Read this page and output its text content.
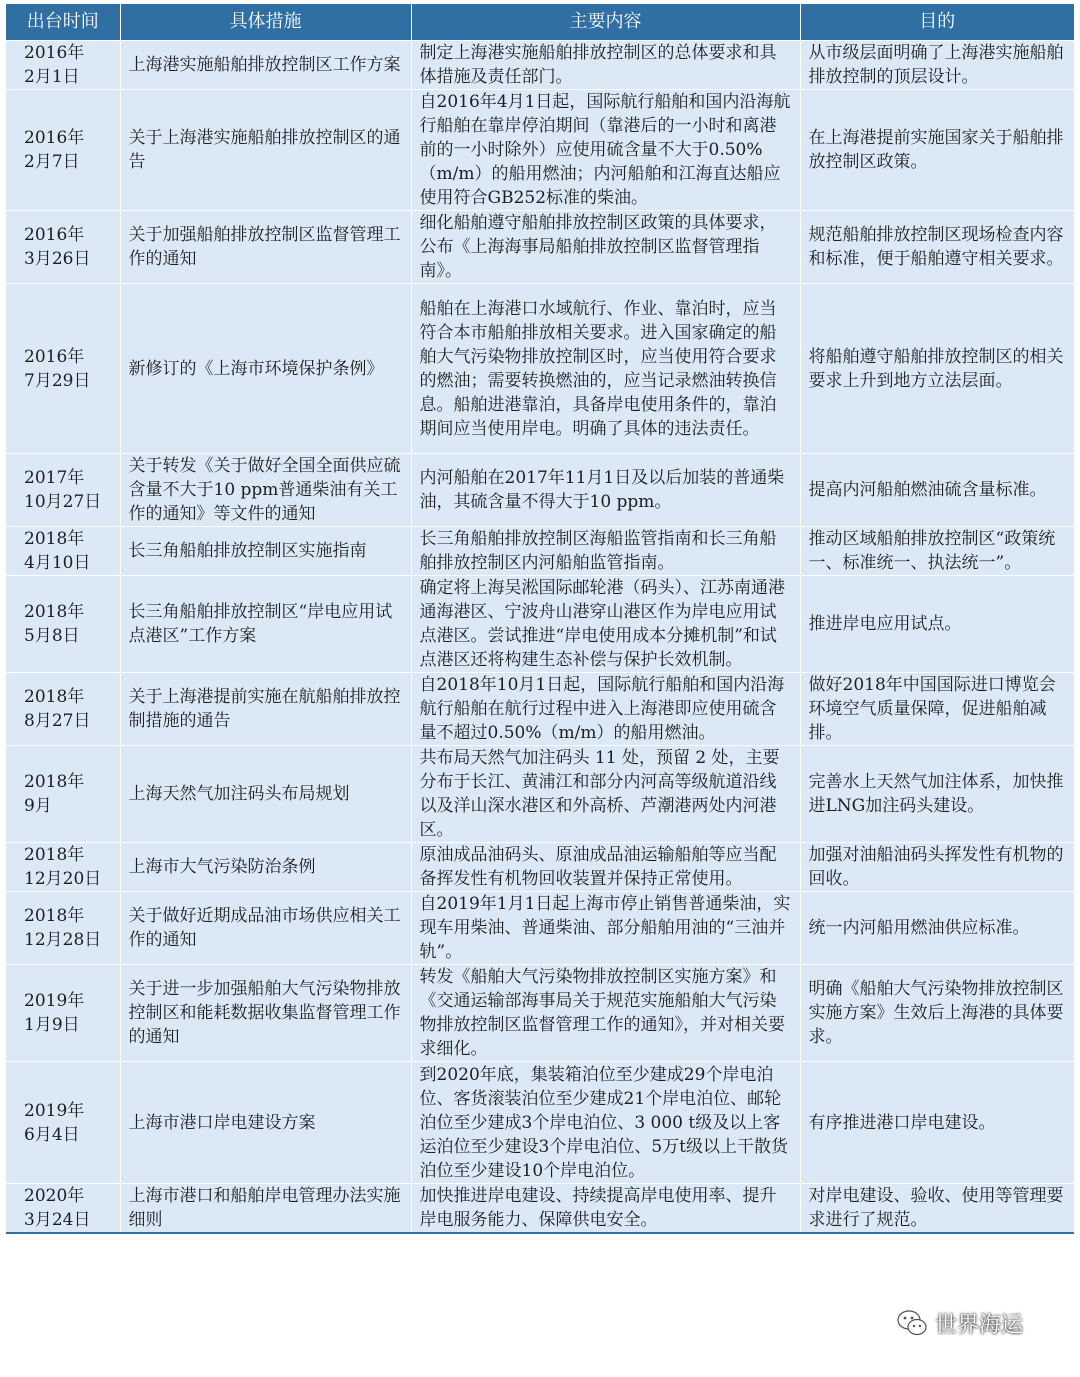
出台时间	具体措施	主要内容	目的
2016年
2月1日	上海港实施船舶排放控制区工作方案	制定上海港实施船舶排放控制区的总体要求和具体措施及责任部门。	从市级层面明确了上海港实施船舶排放控制的顶层设计。
2016年
2月7日	关于上海港实施船舶排放控制区的通告	自2016年4月1日起，国际航行船舶和国内沿海航行船舶在靠岸停泊期间（靠港后的一小时和离港前的一小时除外）应使用硫含量不大于0.50%（m/m）的船用燃油；内河船舶和江海直达船应使用符合GB252标准的柴油。	在上海港提前实施国家关于船舶排放控制区政策。
2016年
3月26日	关于加强船舶排放控制区监督管理工作的通知	细化船舶遵守船舶排放控制区政策的具体要求，公布《上海海事局船舶排放控制区监督管理指南》。	规范船舶排放控制区现场检查内容和标准，便于船舶遵守相关要求。
2016年
7月29日	新修订的《上海市环境保护条例》	船舶在上海港口水域航行、作业、靠泊时，应当符合本市船舶排放相关要求。进入国家确定的船舶大气污染物排放控制区时，应当使用符合要求的燃油；需要转换燃油的，应当记录燃油转换信息。船舶进港靠泊，具备岸电使用条件的，靠泊期间应当使用岸电。明确了具体的违法责任。	将船舶遵守船舶排放控制区的相关要求上升到地方立法层面。
2017年
10月27日	关于转发《关于做好全国全面供应硫含量不大于10 ppm普通柴油有关工作的通知》等文件的通知	内河船舶在2017年11月1日及以后加装的普通柴油，其硫含量不得大于10 ppm。	提高内河船舶燃油硫含量标准。
2018年
4月10日	长三角船舶排放控制区实施指南	长三角船舶排放控制区海船监管指南和长三角船舶排放控制区内河船舶监管指南。	推动区域船舶排放控制区“政策统一、标准统一、执法统一”。
2018年
5月8日	长三角船舶排放控制区“岸电应用试点港区”工作方案	确定将上海吴淞国际邮轮港（码头）、江苏南通港通海港区、宁波舟山港穿山港区作为岸电应用试点港区。尝试推进“岸电使用成本分摊机制”和试点港区还将构建生态补偿与保护长效机制。	推进岸电应用试点。
2018年
8月27日	关于上海港提前实施在航船舶排放控制措施的通告	自2018年10月1日起，国际航行船舶和国内沿海航行船舶在航行过程中进入上海港即应使用硫含量不超过0.50%（m/m）的船用燃油。	做好2018年中国国际进口博览会环境空气质量保障，促进船舶减排。
2018年
9月	上海天然气加注码头布局规划	共布局天然气加注码头 11 处，预留 2 处，主要分布于长江、黄浦江和部分内河高等级航道沿线以及洋山深水港区和外高桥、芦潮港两处内河港区。	完善水上天然气加注体系，加快推进LNG加注码头建设。
2018年
12月20日	上海市大气污染防治条例	原油成品油码头、原油成品油运输船舶等应当配备挥发性有机物回收装置并保持正常使用。	加强对油船油码头挥发性有机物的回收。
2018年
12月28日	关于做好近期成品油市场供应相关工作的通知	自2019年1月1日起上海市停止销售普通柴油，实现车用柴油、普通柴油、部分船舶用油的“三油并轨”。	统一内河船用燃油供应标准。
2019年
1月9日	关于进一步加强船舶大气污染物排放控制区和能耗数据收集监督管理工作的通知	转发《船舶大气污染物排放控制区实施方案》和《交通运输部海事局关于规范实施船舶大气污染物排放控制区监督管理工作的通知》，并对相关要求细化。	明确《船舶大气污染物排放控制区实施方案》生效后上海港的具体要求。
2019年
6月4日	上海市港口岸电建设方案	到2020年底，集装箱泊位至少建成29个岸电泊位、客货滚装泊位至少建成21个岸电泊位、邮轮泊位至少建成3个岸电泊位、3 000 t级及以上客运泊位至少建设3个岸电泊位、5万t级以上干散货泊位至少建设10个岸电泊位。	有序推进港口岸电建设。
2020年
3月24日	上海市港口和船舶岸电管理办法实施细则	加快推进岸电建设、持续提高岸电使用率、提升岸电服务能力、保障供电安全。	对岸电建设、验收、使用等管理要求进行了规范。
世界海运
